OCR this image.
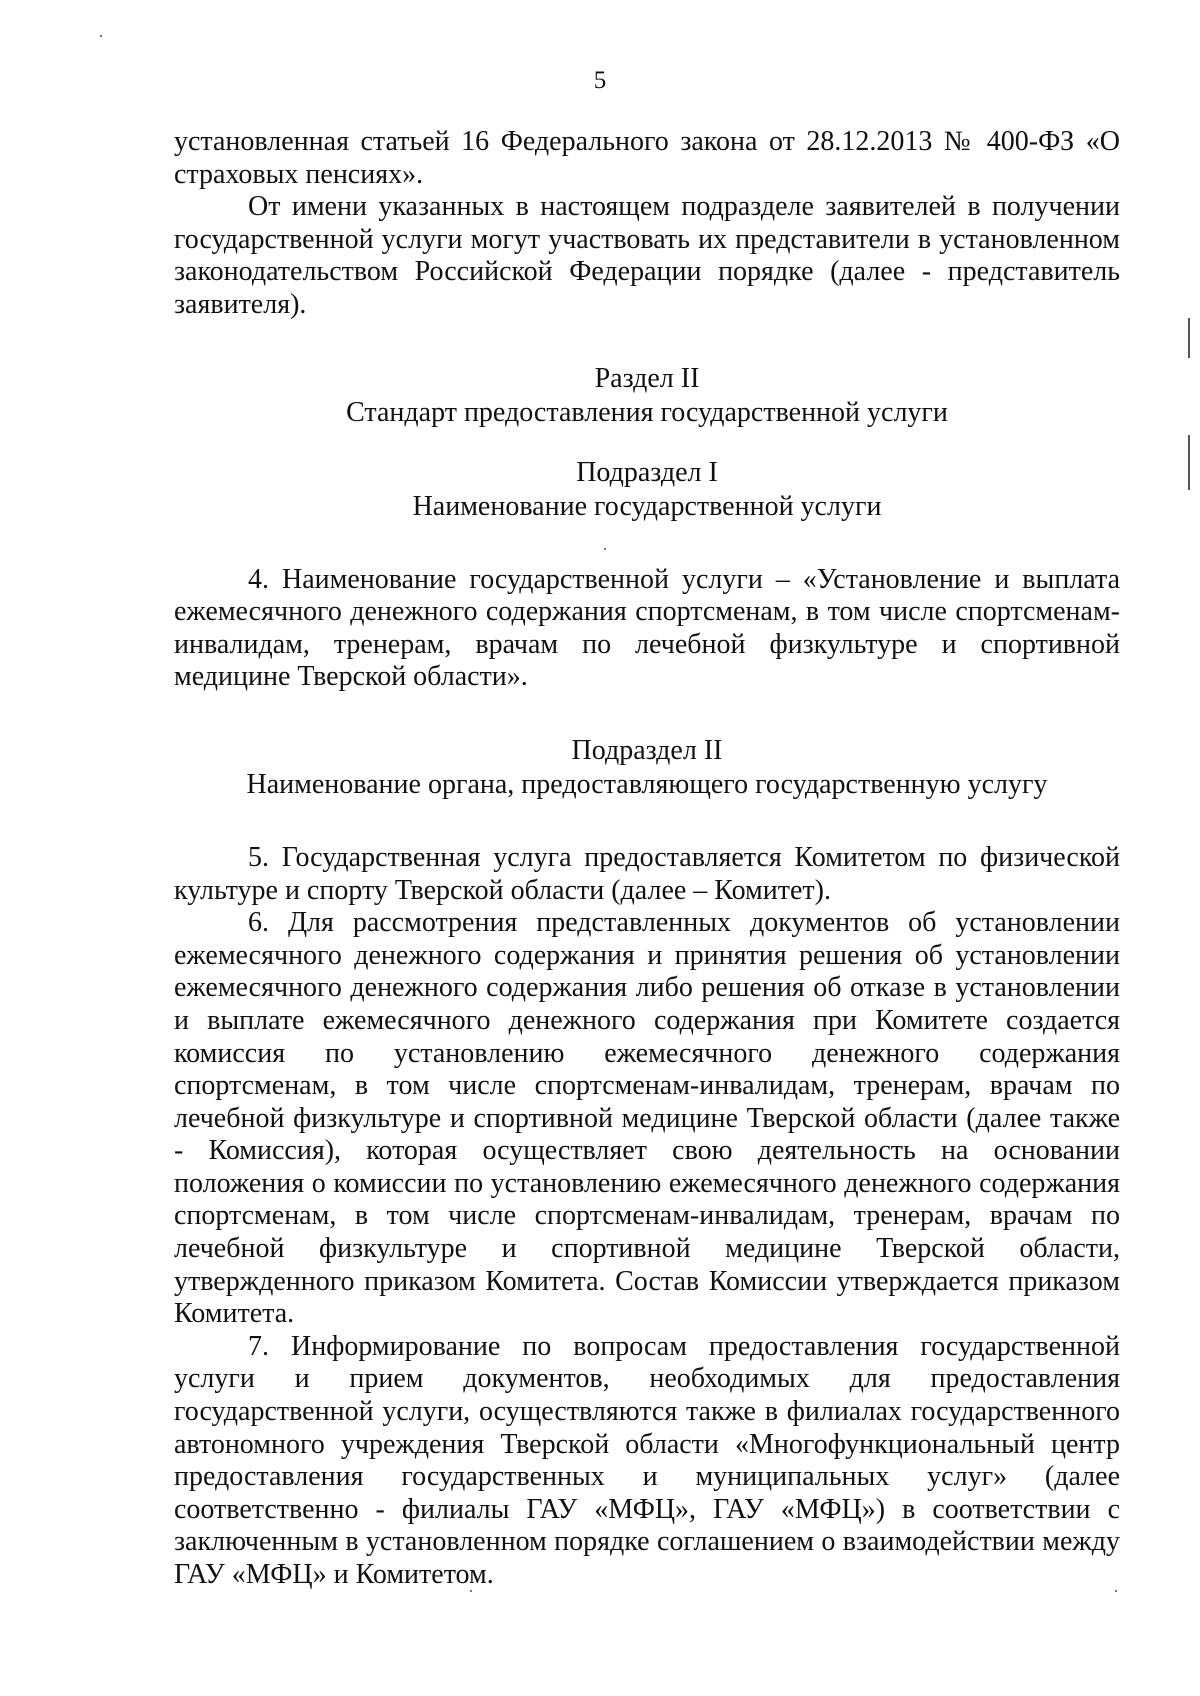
5

установленная статьей 16 Федерального закона от 28.12.2013 № 400-ФЗ «О страховых пенсиях».

От имени указанных в настоящем подразделе заявителей в получении государственной услуги могут участвовать их представители в установленном законодательством Российской Федерации порядке (далее - представитель заявителя).

Раздел II
Стандарт предоставления государственной услуги
Подраздел I
Наименование государственной услуги

4. Наименование государственной услуги – «Установление и выплата ежемесячного денежного содержания спортсменам, в том числе спортсменам-инвалидам, тренерам, врачам по лечебной физкультуре и спортивной медицине Тверской области».

Подраздел II
Наименование органа, предоставляющего государственную услугу

5. Государственная услуга предоставляется Комитетом по физической культуре и спорту Тверской области (далее – Комитет).

6. Для рассмотрения представленных документов об установлении ежемесячного денежного содержания и принятия решения об установлении ежемесячного денежного содержания либо решения об отказе в установлении и выплате ежемесячного денежного содержания при Комитете создается комиссия по установлению ежемесячного денежного содержания спортсменам, в том числе спортсменам-инвалидам, тренерам, врачам по лечебной физкультуре и спортивной медицине Тверской области (далее также - Комиссия), которая осуществляет свою деятельность на основании положения о комиссии по установлению ежемесячного денежного содержания спортсменам, в том числе спортсменам-инвалидам, тренерам, врачам по лечебной физкультуре и спортивной медицине Тверской области, утвержденного приказом Комитета. Состав Комиссии утверждается приказом Комитета.

7. Информирование по вопросам предоставления государственной услуги и прием документов, необходимых для предоставления государственной услуги, осуществляются также в филиалах государственного автономного учреждения Тверской области «Многофункциональный центр предоставления государственных и муниципальных услуг» (далее соответственно - филиалы ГАУ «МФЦ», ГАУ «МФЦ») в соответствии с заключенным в установленном порядке соглашением о взаимодействии между ГАУ «МФЦ» и Комитетом.
